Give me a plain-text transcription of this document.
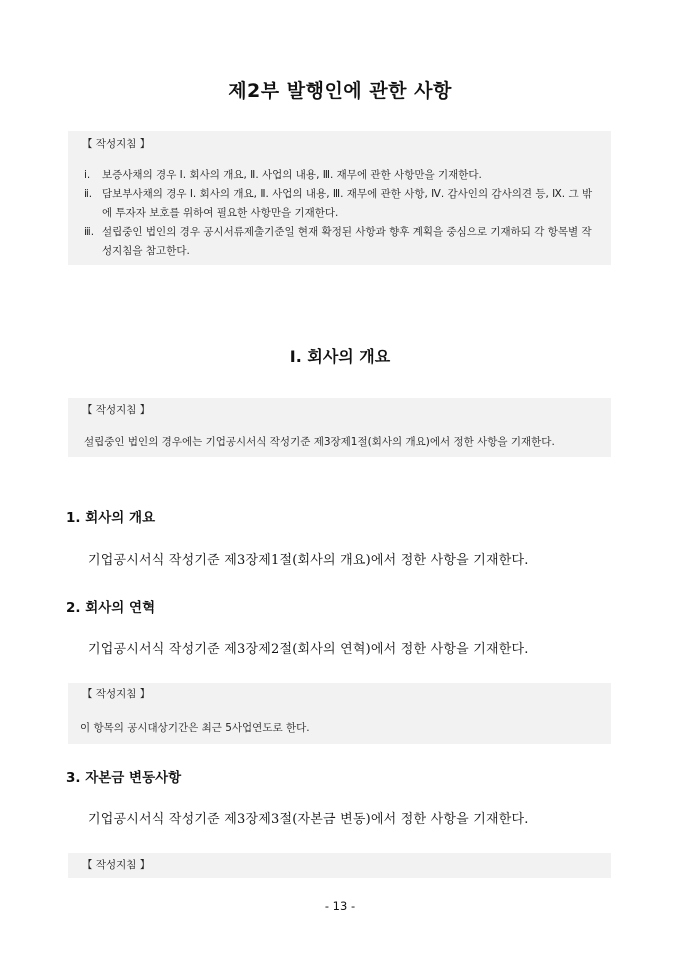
제2부 발행인에 관한 사항
【 작성지침 】
ⅰ. 보증사채의 경우 Ⅰ. 회사의 개요, Ⅱ. 사업의 내용, Ⅲ. 재무에 관한 사항만을 기재한다.
ⅱ. 담보부사채의 경우 Ⅰ. 회사의 개요, Ⅱ. 사업의 내용, Ⅲ. 재무에 관한 사항, Ⅳ. 감사인의 감사의견 등, Ⅸ. 그 밖에 투자자 보호를 위하여 필요한 사항만을 기재한다.
ⅲ. 설립중인 법인의 경우 공시서류제출기준일 현재 확정된 사항과 향후 계획을 중심으로 기재하되 각 항목별 작성지침을 참고한다.
Ⅰ. 회사의 개요
【 작성지침 】
설립중인 법인의 경우에는 기업공시서식 작성기준 제3장제1절(회사의 개요)에서 정한 사항을 기재한다.
1. 회사의 개요
기업공시서식 작성기준 제3장제1절(회사의 개요)에서 정한 사항을 기재한다.
2. 회사의 연혁
기업공시서식 작성기준 제3장제2절(회사의 연혁)에서 정한 사항을 기재한다.
【 작성지침 】
이 항목의 공시대상기간은 최근 5사업연도로 한다.
3. 자본금 변동사항
기업공시서식 작성기준 제3장제3절(자본금 변동)에서 정한 사항을 기재한다.
【 작성지침 】
- 13 -
